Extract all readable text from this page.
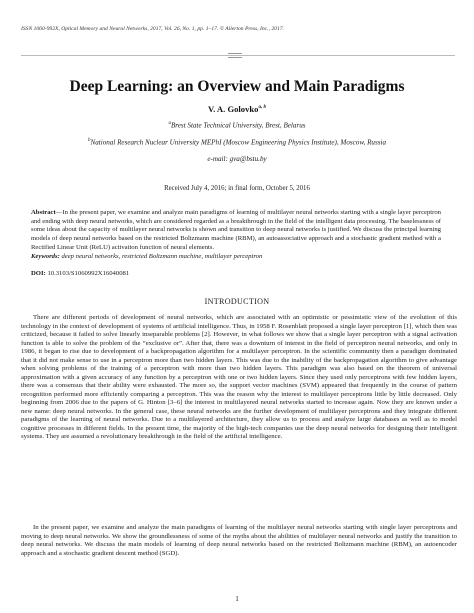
ISSN 1060-992X, Optical Memory and Neural Networks, 2017, Vol. 26, No. 1, pp. 1–17. © Allerton Press, Inc., 2017.
Deep Learning: an Overview and Main Paradigms
V. A. Golovko$^{a, b}$
$^a$Brest State Technical University, Brest, Belarus
$^b$National Research Nuclear University MEPhI (Moscow Engineering Physics Institute), Moscow, Russia
e-mail: gva@bstu.by
Received July 4, 2016; in final form, October 5, 2016
Abstract—In the present paper, we examine and analyze main paradigms of learning of multilayer neural networks starting with a single layer perceptron and ending with deep neural networks, which are considered regarded as a breakthrough in the field of the intelligent data processing. The baselessness of some ideas about the capacity of multilayer neural networks is shown and transition to deep neural networks is justified. We discuss the principal learning models of deep neural networks based on the restricted Boltzmann machine (RBM), an autoassociative approach and a stochastic gradient method with a Rectified Linear Unit (ReLU) activation function of neural elements.
Keywords: deep neural networks, restricted Boltzmann machine, multilayer perceptron
DOI: 10.3103/S1060992X16040081
INTRODUCTION
There are different periods of development of neural networks, which are associated with an optimistic or pessimistic view of the evolution of this technology in the context of development of systems of artificial intelligence. Thus, in 1958 F. Rosenblatt proposed a single layer perceptron [1], which then was criticized, because it failed to solve linearly inseparable problems [2]. However, in what follows we show that a single layer perceptron with a signal activation function is able to solve the problem of the “exclusive or”. After that, there was a downturn of interest in the field of perceptron neural networks, and only in 1986, it began to rise due to development of a backpropagation algorithm for a multilayer perceptron. In the scientific community then a paradigm dominated that it did not make sense to use in a perceptron more than two hidden layers. This was due to the inability of the backpropagation algorithm to give advantage when solving problems of the training of a perceptron with more than two hidden layers. This paradigm was also based on the theorem of universal approximation with a given accuracy of any function by a perceptron with one or two hidden layers. Since they used only perceptrons with few hidden layers, there was a consensus that their ability were exhausted. The more so, the support vector machines (SVM) appeared that frequently in the course of pattern recognition performed more efficiently comparing a perceptron. This was the reason why the interest to multilayer perceptrons little by little decreased. Only beginning from 2006 due to the papers of G. Hinton [3–6] the interest in multilayered neural networks started to increase again. Now they are known under a new name: deep neural networks. In the general case, these neural networks are the further development of multilayer perceptrons and they integrate different paradigms of the learning of neural networks. Due to a multilayered architecture, they allow us to process and analyze large databases as well as to model cognitive processes in different fields. In the present time, the majority of the high-tech companies use the deep neural networks for designing their intelligent systems. They are assumed a revolutionary breakthrough in the field of the artificial intelligence.
In the present paper, we examine and analyze the main paradigms of learning of the multilayer neural networks starting with single layer perceptrons and moving to deep neural networks. We show the groundlessness of some of the myths about the abilities of multilayer neural networks and justify the transition to deep neural networks. We discuss the main models of learning of deep neural networks based on the restricted Boltzmann machine (RBM), an autoencoder approach and a stochastic gradient descent method (SGD).
1
